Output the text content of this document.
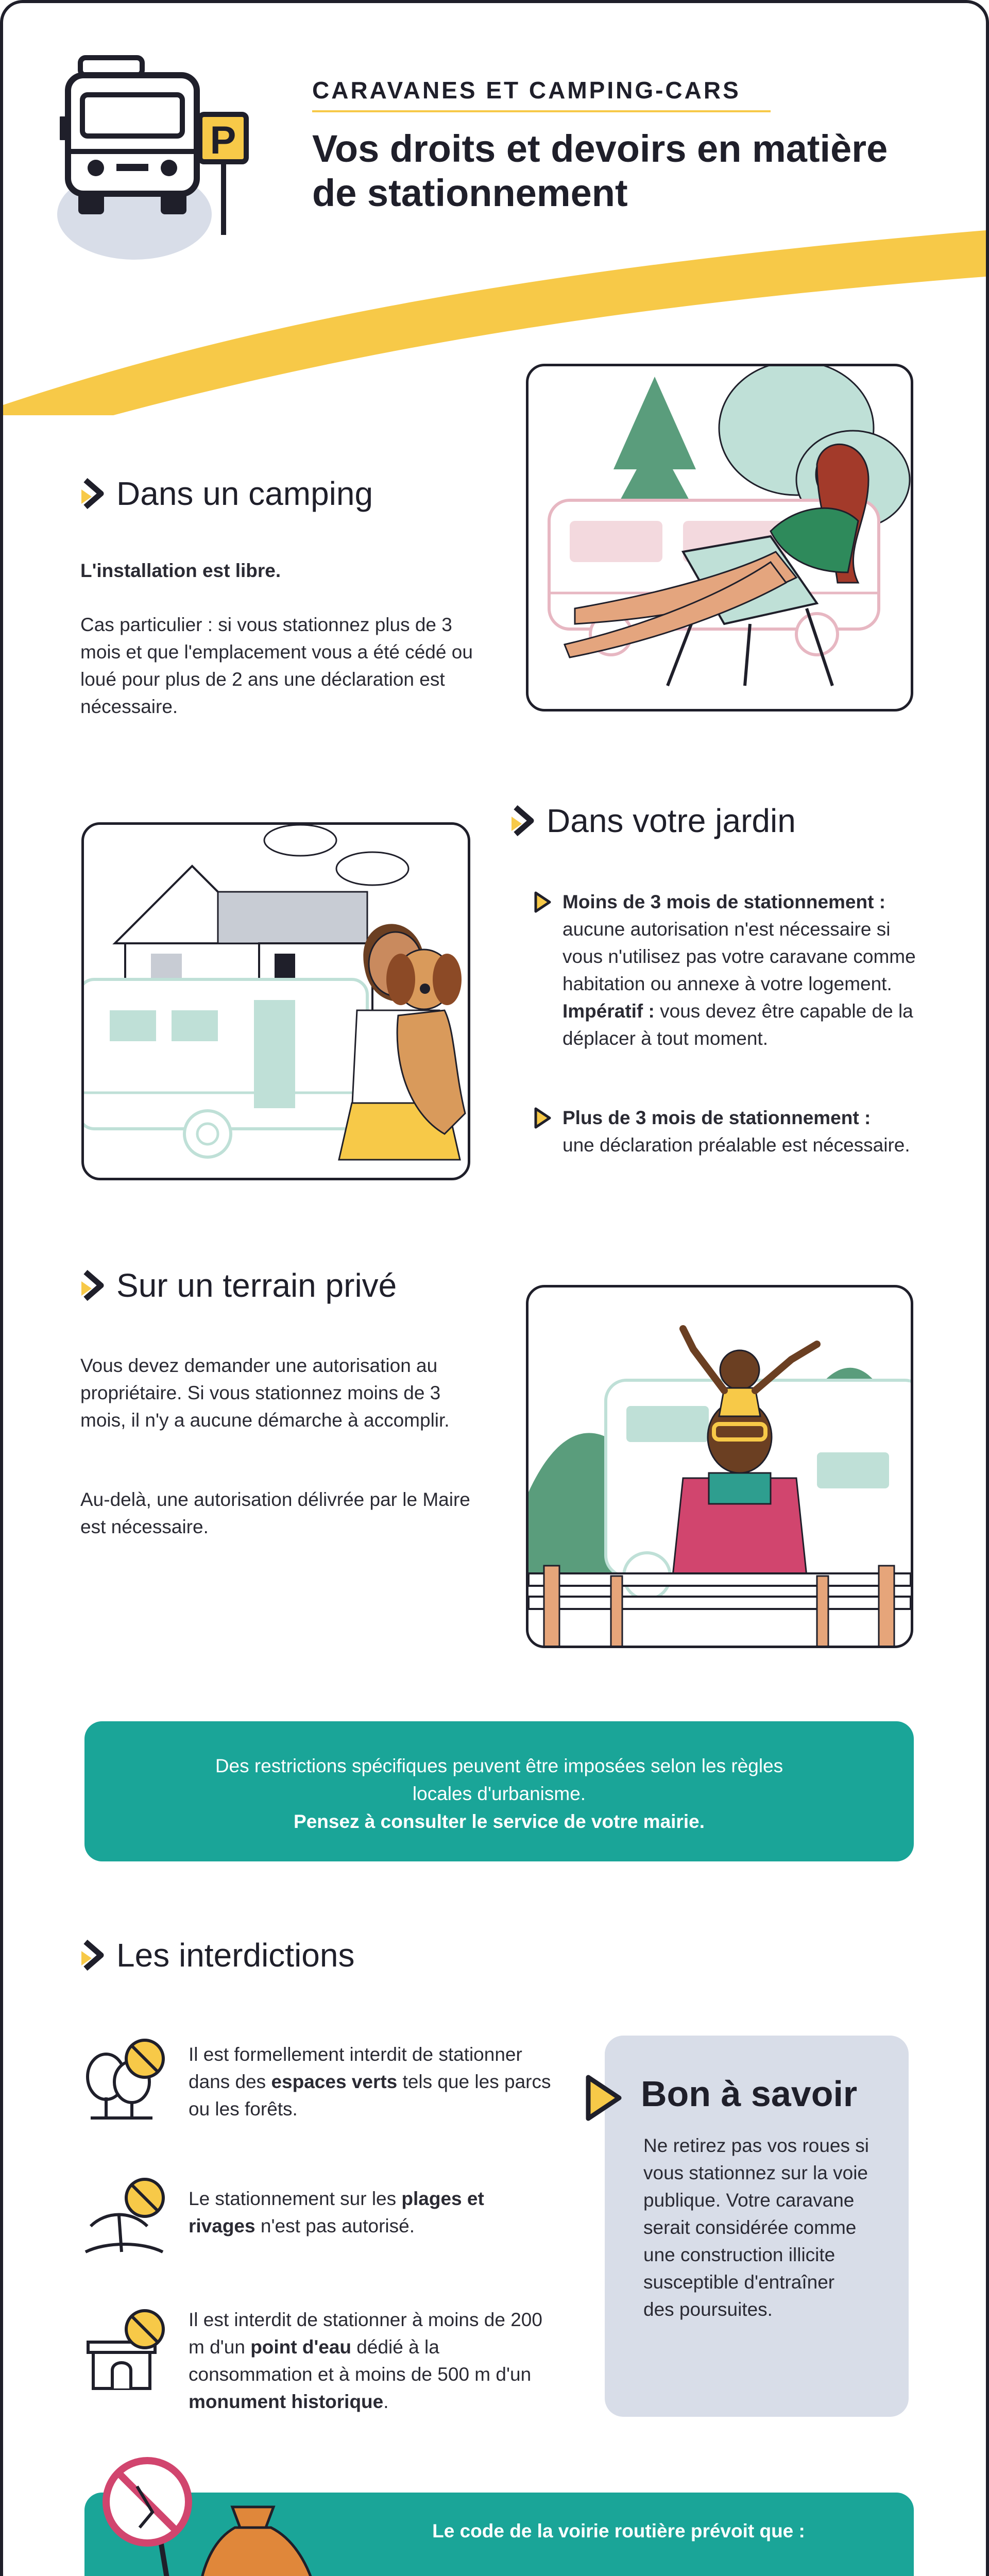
P
CARAVANES ET CAMPING-CARS
Vos droits et devoirs en matière de stationnement
Dans un camping
L'installation est libre.
Cas particulier : si vous stationnez plus de 3 mois et que l'emplacement vous a été cédé ou loué pour plus de 2 ans une déclaration est nécessaire.
Dans votre jardin
Moins de 3 mois de stationnement :
aucune autorisation n'est nécessaire si vous n'utilisez pas votre caravane comme habitation ou annexe à votre logement. Impératif : vous devez être capable de la déplacer à tout moment.
Plus de 3 mois de stationnement :
une déclaration préalable est nécessaire.
Sur un terrain privé
Vous devez demander une autorisation au propriétaire. Si vous stationnez moins de 3 mois, il n'y a aucune démarche à accomplir.
Au-delà, une autorisation délivrée par le Maire est nécessaire.
Des restrictions spécifiques peuvent être imposées selon les règles locales d'urbanisme.
Pensez à consulter le service de votre mairie.
Les interdictions
Il est formellement interdit de stationner dans des espaces verts tels que les parcs ou les forêts.
Le stationnement sur les plages et rivages n'est pas autorisé.
Il est interdit de stationner à moins de 200 m d'un point d'eau dédié à la consommation et à moins de 500 m d'un monument historique.
Bon à savoir
Ne retirez pas vos roues si vous stationnez sur la voie publique. Votre caravane serait considérée comme une construction illicite susceptible d'entraîner des poursuites.
Le code de la voirie routière prévoit que :
